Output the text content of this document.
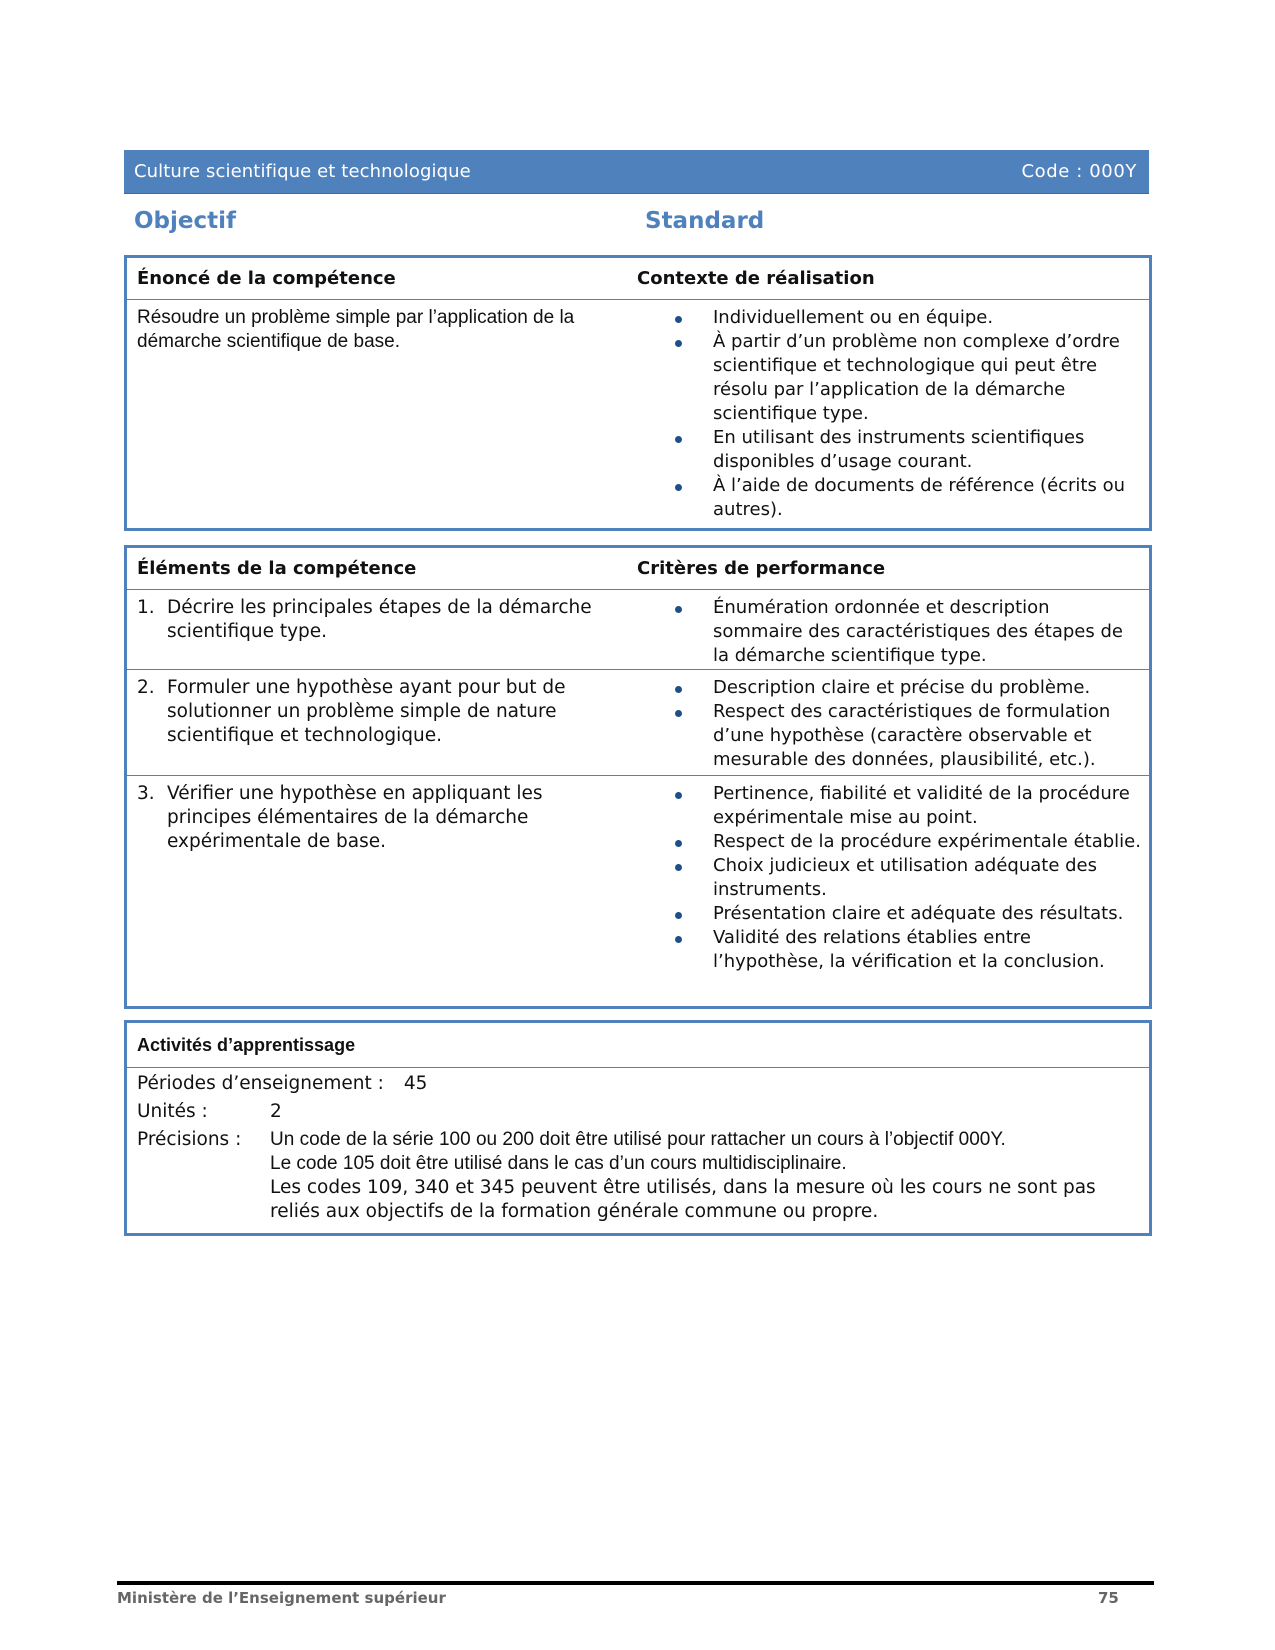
Culture scientifique et technologique	Code : 000Y
Objectif	Standard
Énoncé de la compétence	Contexte de réalisation
Résoudre un problème simple par l’application de la démarche scientifique de base.
Individuellement ou en équipe.
À partir d’un problème non complexe d’ordre scientifique et technologique qui peut être résolu par l’application de la démarche scientifique type.
En utilisant des instruments scientifiques disponibles d’usage courant.
À l’aide de documents de référence (écrits ou autres).
Éléments de la compétence	Critères de performance
1. Décrire les principales étapes de la démarche scientifique type.
Énumération ordonnée et description sommaire des caractéristiques des étapes de la démarche scientifique type.
2. Formuler une hypothèse ayant pour but de solutionner un problème simple de nature scientifique et technologique.
Description claire et précise du problème.
Respect des caractéristiques de formulation d’une hypothèse (caractère observable et mesurable des données, plausibilité, etc.).
3. Vérifier une hypothèse en appliquant les principes élémentaires de la démarche expérimentale de base.
Pertinence, fiabilité et validité de la procédure expérimentale mise au point.
Respect de la procédure expérimentale établie.
Choix judicieux et utilisation adéquate des instruments.
Présentation claire et adéquate des résultats.
Validité des relations établies entre l’hypothèse, la vérification et la conclusion.
Activités d’apprentissage
Périodes d’enseignement : 45
Unités :	2
Précisions :	Un code de la série 100 ou 200 doit être utilisé pour rattacher un cours à l’objectif 000Y.
Le code 105 doit être utilisé dans le cas d’un cours multidisciplinaire.
Les codes 109, 340 et 345 peuvent être utilisés, dans la mesure où les cours ne sont pas reliés aux objectifs de la formation générale commune ou propre.
Ministère de l’Enseignement supérieur	75
